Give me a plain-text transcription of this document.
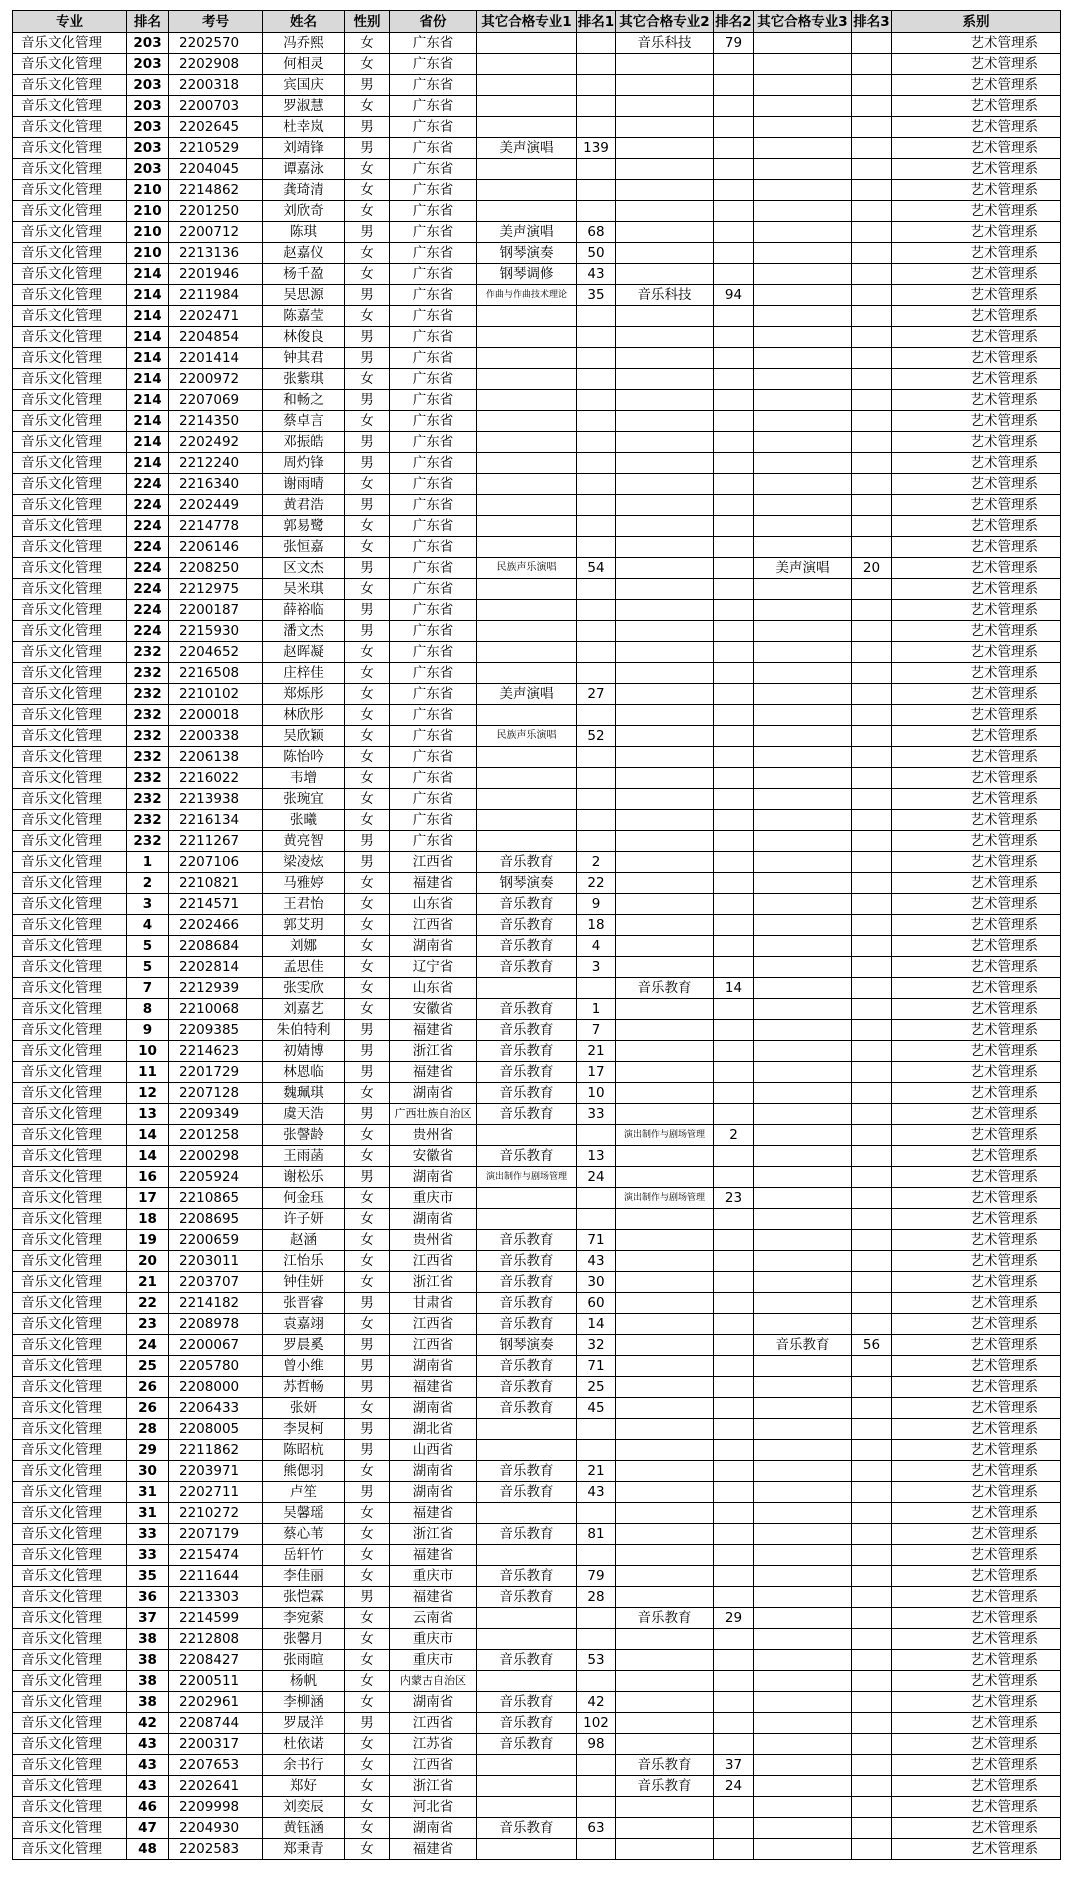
专业	排名	考号	姓名	性别	省份	其它合格专业1	排名1	其它合格专业2	排名2	其它合格专业3	排名3	系别
音乐文化管理	203	2202570	冯乔熙	女	广东省			音乐科技	79			艺术管理系
音乐文化管理	203	2202908	何相灵	女	广东省							艺术管理系
音乐文化管理	203	2200318	宾国庆	男	广东省							艺术管理系
音乐文化管理	203	2200703	罗淑慧	女	广东省							艺术管理系
音乐文化管理	203	2202645	杜幸岚	男	广东省							艺术管理系
音乐文化管理	203	2210529	刘靖锋	男	广东省	美声演唱	139					艺术管理系
音乐文化管理	203	2204045	谭嘉泳	女	广东省							艺术管理系
音乐文化管理	210	2214862	龚琦清	女	广东省							艺术管理系
音乐文化管理	210	2201250	刘欣奇	女	广东省							艺术管理系
音乐文化管理	210	2200712	陈琪	男	广东省	美声演唱	68					艺术管理系
音乐文化管理	210	2213136	赵嘉仪	女	广东省	钢琴演奏	50					艺术管理系
音乐文化管理	214	2201946	杨千盈	女	广东省	钢琴调修	43					艺术管理系
音乐文化管理	214	2211984	吴思源	男	广东省	作曲与作曲技术理论	35	音乐科技	94			艺术管理系
音乐文化管理	214	2202471	陈嘉莹	女	广东省							艺术管理系
音乐文化管理	214	2204854	林俊良	男	广东省							艺术管理系
音乐文化管理	214	2201414	钟其君	男	广东省							艺术管理系
音乐文化管理	214	2200972	张紫琪	女	广东省							艺术管理系
音乐文化管理	214	2207069	和畅之	男	广东省							艺术管理系
音乐文化管理	214	2214350	蔡卓言	女	广东省							艺术管理系
音乐文化管理	214	2202492	邓振皓	男	广东省							艺术管理系
音乐文化管理	214	2212240	周灼锋	男	广东省							艺术管理系
音乐文化管理	224	2216340	谢雨晴	女	广东省							艺术管理系
音乐文化管理	224	2202449	黄君浩	男	广东省							艺术管理系
音乐文化管理	224	2214778	郭易鹭	女	广东省							艺术管理系
音乐文化管理	224	2206146	张恒嘉	女	广东省							艺术管理系
音乐文化管理	224	2208250	区文杰	男	广东省	民族声乐演唱	54			美声演唱	20	艺术管理系
音乐文化管理	224	2212975	吴米琪	女	广东省							艺术管理系
音乐文化管理	224	2200187	薛裕临	男	广东省							艺术管理系
音乐文化管理	224	2215930	潘文杰	男	广东省							艺术管理系
音乐文化管理	232	2204652	赵晖凝	女	广东省							艺术管理系
音乐文化管理	232	2216508	庄梓佳	女	广东省							艺术管理系
音乐文化管理	232	2210102	郑烁彤	女	广东省	美声演唱	27					艺术管理系
音乐文化管理	232	2200018	林欣彤	女	广东省							艺术管理系
音乐文化管理	232	2200338	吴欣颖	女	广东省	民族声乐演唱	52					艺术管理系
音乐文化管理	232	2206138	陈怡吟	女	广东省							艺术管理系
音乐文化管理	232	2216022	韦增	女	广东省							艺术管理系
音乐文化管理	232	2213938	张琬宜	女	广东省							艺术管理系
音乐文化管理	232	2216134	张曦	女	广东省							艺术管理系
音乐文化管理	232	2211267	黄亮智	男	广东省							艺术管理系
音乐文化管理	1	2207106	梁凌炫	男	江西省	音乐教育	2					艺术管理系
音乐文化管理	2	2210821	马雅婷	女	福建省	钢琴演奏	22					艺术管理系
音乐文化管理	3	2214571	王君怡	女	山东省	音乐教育	9					艺术管理系
音乐文化管理	4	2202466	郭艾玥	女	江西省	音乐教育	18					艺术管理系
音乐文化管理	5	2208684	刘娜	女	湖南省	音乐教育	4					艺术管理系
音乐文化管理	5	2202814	孟思佳	女	辽宁省	音乐教育	3					艺术管理系
音乐文化管理	7	2212939	张雯欣	女	山东省			音乐教育	14			艺术管理系
音乐文化管理	8	2210068	刘嘉艺	女	安徽省	音乐教育	1					艺术管理系
音乐文化管理	9	2209385	朱伯特利	男	福建省	音乐教育	7					艺术管理系
音乐文化管理	10	2214623	初婧博	男	浙江省	音乐教育	21					艺术管理系
音乐文化管理	11	2201729	林恩临	男	福建省	音乐教育	17					艺术管理系
音乐文化管理	12	2207128	魏珮琪	女	湖南省	音乐教育	10					艺术管理系
音乐文化管理	13	2209349	虞天浩	男	广西壮族自治区	音乐教育	33					艺术管理系
音乐文化管理	14	2201258	张謦龄	女	贵州省			演出制作与剧场管理	2			艺术管理系
音乐文化管理	14	2200298	王雨菡	女	安徽省	音乐教育	13					艺术管理系
音乐文化管理	16	2205924	谢松乐	男	湖南省	演出制作与剧场管理	24					艺术管理系
音乐文化管理	17	2210865	何金珏	女	重庆市			演出制作与剧场管理	23			艺术管理系
音乐文化管理	18	2208695	许子妍	女	湖南省							艺术管理系
音乐文化管理	19	2200659	赵涵	女	贵州省	音乐教育	71					艺术管理系
音乐文化管理	20	2203011	江怡乐	女	江西省	音乐教育	43					艺术管理系
音乐文化管理	21	2203707	钟佳妍	女	浙江省	音乐教育	30					艺术管理系
音乐文化管理	22	2214182	张晋睿	男	甘肃省	音乐教育	60					艺术管理系
音乐文化管理	23	2208978	袁嘉翊	女	江西省	音乐教育	14					艺术管理系
音乐文化管理	24	2200067	罗晨奚	男	江西省	钢琴演奏	32			音乐教育	56	艺术管理系
音乐文化管理	25	2205780	曾小维	男	湖南省	音乐教育	71					艺术管理系
音乐文化管理	26	2208000	苏哲畅	男	福建省	音乐教育	25					艺术管理系
音乐文化管理	26	2206433	张妍	女	湖南省	音乐教育	45					艺术管理系
音乐文化管理	28	2208005	李炅柯	男	湖北省							艺术管理系
音乐文化管理	29	2211862	陈昭杭	男	山西省							艺术管理系
音乐文化管理	30	2203971	熊偲羽	女	湖南省	音乐教育	21					艺术管理系
音乐文化管理	31	2202711	卢笙	男	湖南省	音乐教育	43					艺术管理系
音乐文化管理	31	2210272	吴馨瑶	女	福建省							艺术管理系
音乐文化管理	33	2207179	蔡心苇	女	浙江省	音乐教育	81					艺术管理系
音乐文化管理	33	2215474	岳轩竹	女	福建省							艺术管理系
音乐文化管理	35	2211644	李佳丽	女	重庆市	音乐教育	79					艺术管理系
音乐文化管理	36	2213303	张恺霖	男	福建省	音乐教育	28					艺术管理系
音乐文化管理	37	2214599	李宛萦	女	云南省			音乐教育	29			艺术管理系
音乐文化管理	38	2212808	张馨月	女	重庆市							艺术管理系
音乐文化管理	38	2208427	张雨暄	女	重庆市	音乐教育	53					艺术管理系
音乐文化管理	38	2200511	杨帆	女	内蒙古自治区							艺术管理系
音乐文化管理	38	2202961	李柳涵	女	湖南省	音乐教育	42					艺术管理系
音乐文化管理	42	2208744	罗晟洋	男	江西省	音乐教育	102					艺术管理系
音乐文化管理	43	2200317	杜依诺	女	江苏省	音乐教育	98					艺术管理系
音乐文化管理	43	2207653	余书行	女	江西省			音乐教育	37			艺术管理系
音乐文化管理	43	2202641	郑好	女	浙江省			音乐教育	24			艺术管理系
音乐文化管理	46	2209998	刘奕辰	女	河北省							艺术管理系
音乐文化管理	47	2204930	黄钰涵	女	湖南省	音乐教育	63					艺术管理系
音乐文化管理	48	2202583	郑秉青	女	福建省							艺术管理系
